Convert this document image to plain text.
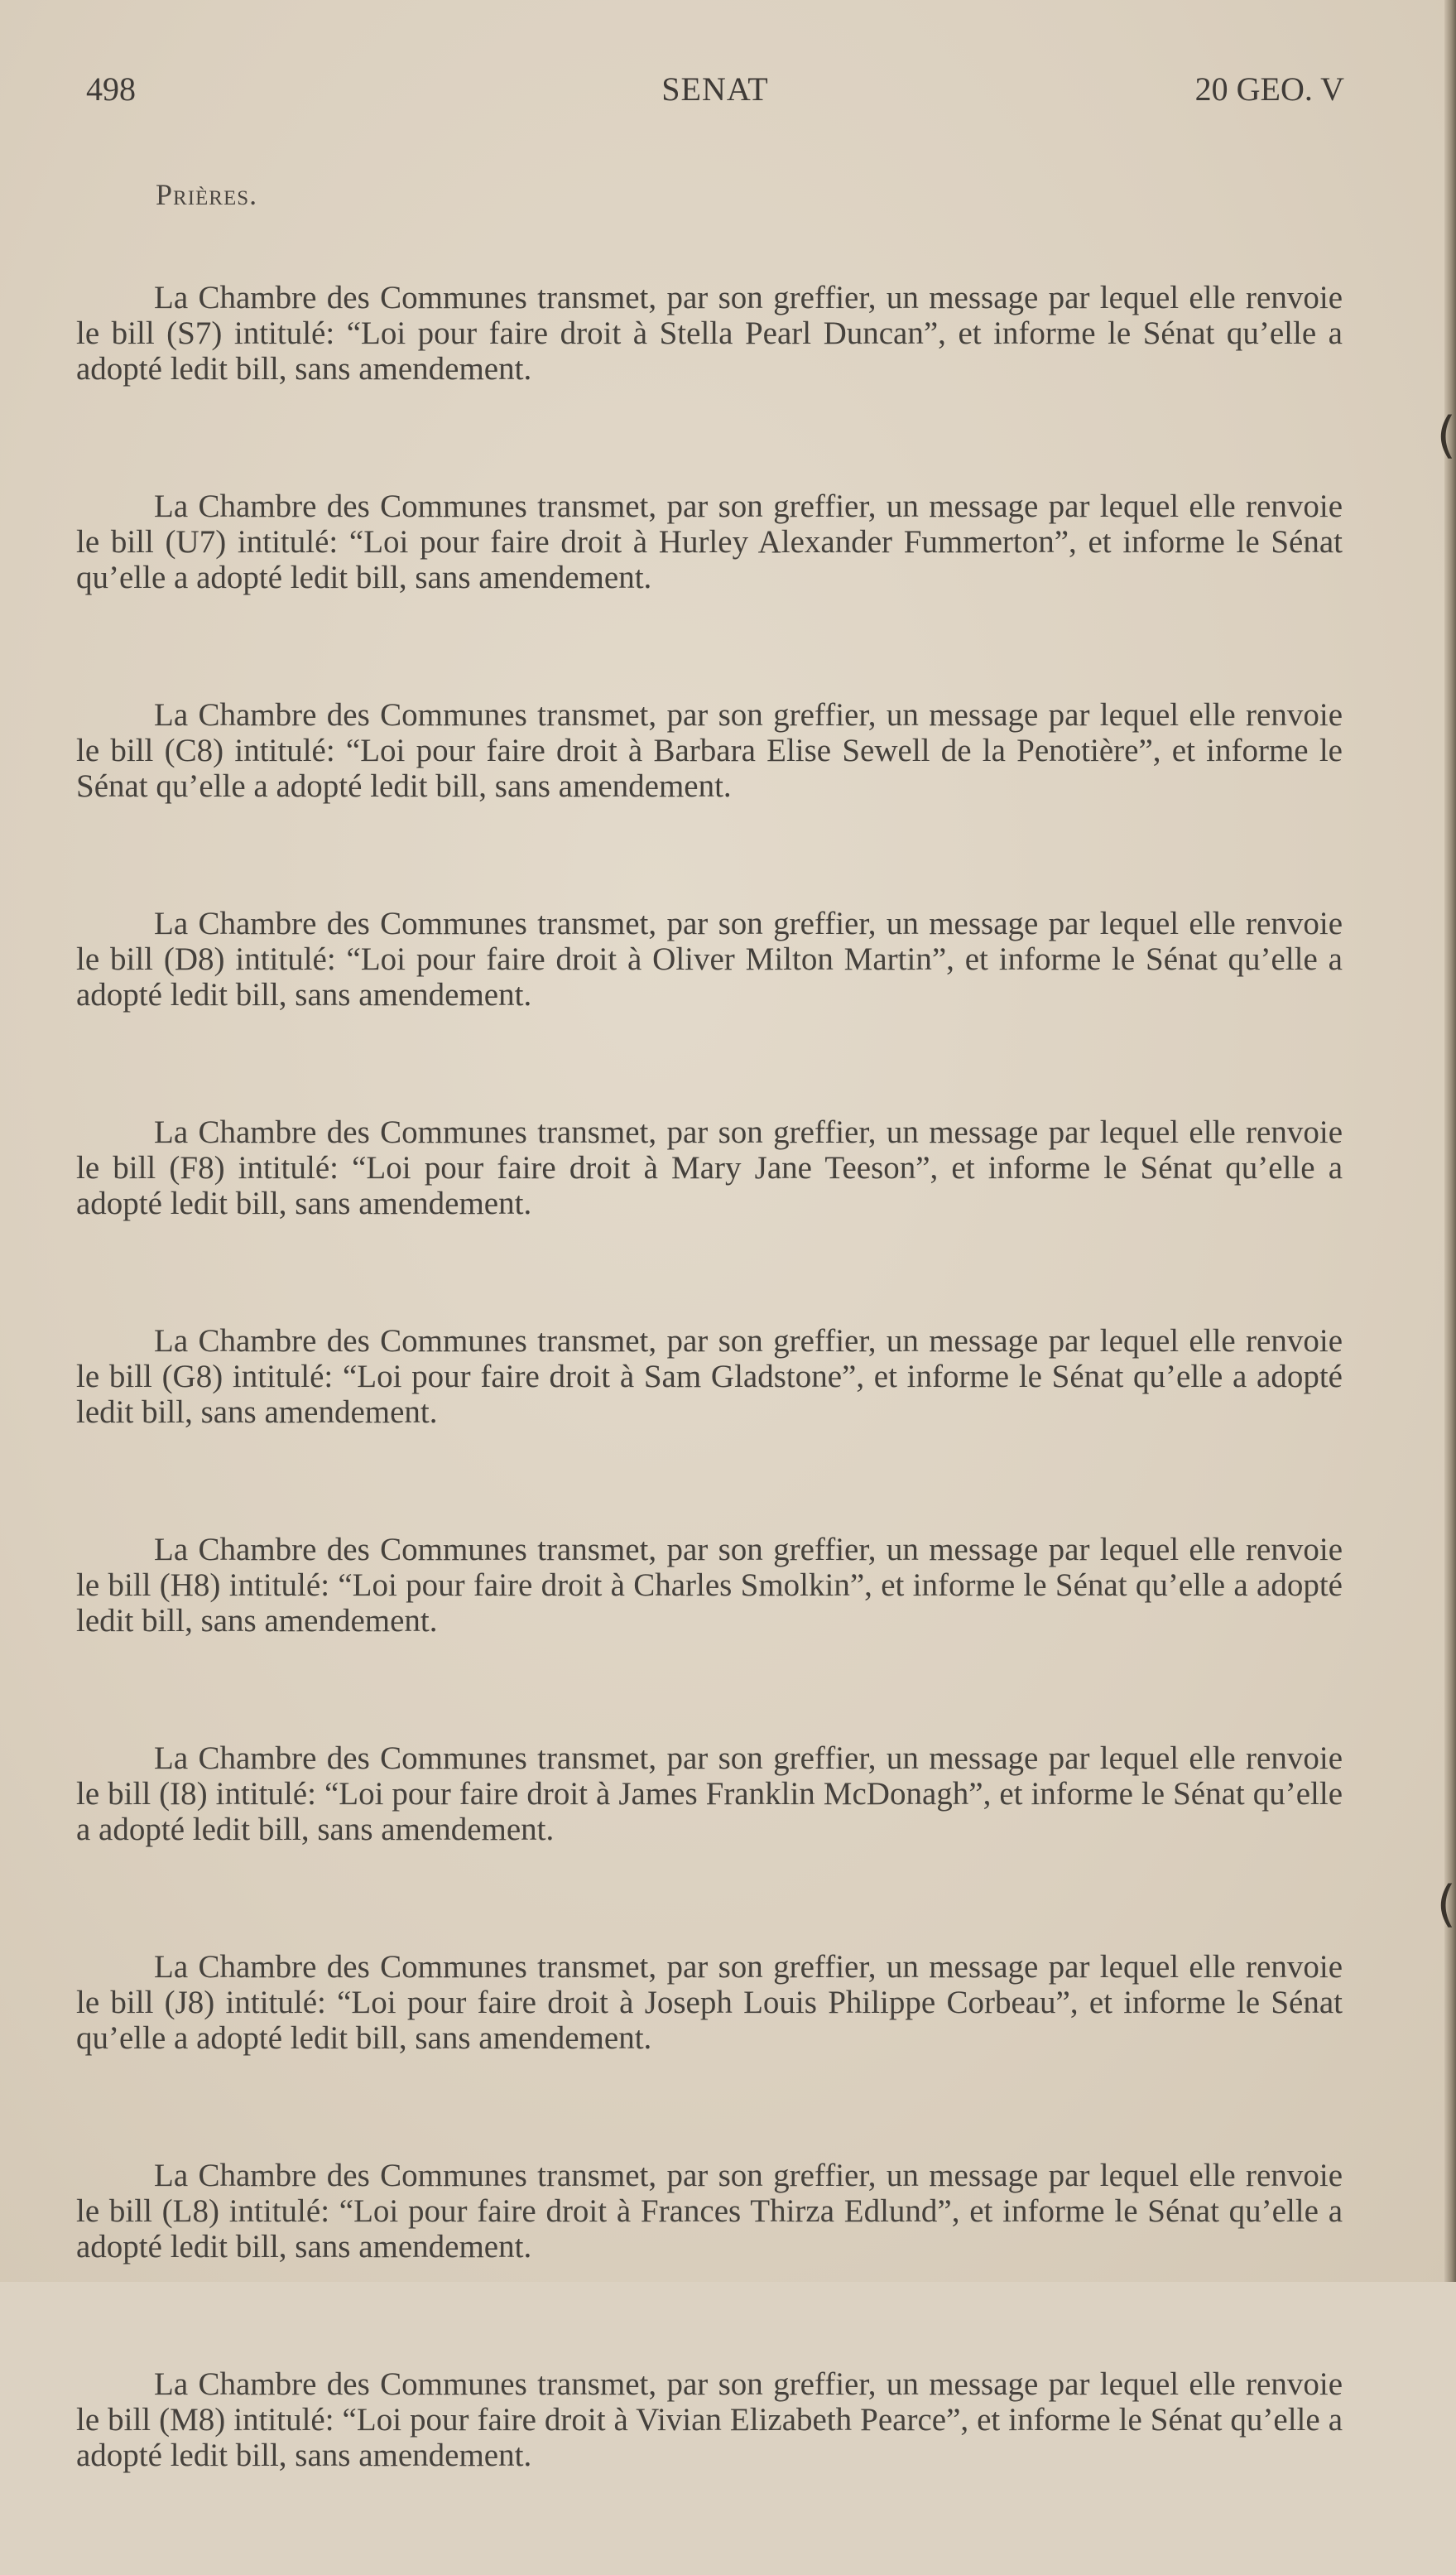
498	SENAT	20 GEO. V
Prières.

La Chambre des Communes transmet, par son greffier, un message par lequel elle renvoie le bill (S7) intitulé: “Loi pour faire droit à Stella Pearl Duncan”, et informe le Sénat qu’elle a adopté ledit bill, sans amendement.

La Chambre des Communes transmet, par son greffier, un message par lequel elle renvoie le bill (U7) intitulé: “Loi pour faire droit à Hurley Alexander Fummerton”, et informe le Sénat qu’elle a adopté ledit bill, sans amendement.

La Chambre des Communes transmet, par son greffier, un message par lequel elle renvoie le bill (C8) intitulé: “Loi pour faire droit à Barbara Elise Sewell de la Penotière”, et informe le Sénat qu’elle a adopté ledit bill, sans amendement.

La Chambre des Communes transmet, par son greffier, un message par lequel elle renvoie le bill (D8) intitulé: “Loi pour faire droit à Oliver Milton Martin”, et informe le Sénat qu’elle a adopté ledit bill, sans amendement.

La Chambre des Communes transmet, par son greffier, un message par lequel elle renvoie le bill (F8) intitulé: “Loi pour faire droit à Mary Jane Teeson”, et informe le Sénat qu’elle a adopté ledit bill, sans amendement.

La Chambre des Communes transmet, par son greffier, un message par lequel elle renvoie le bill (G8) intitulé: “Loi pour faire droit à Sam Gladstone”, et informe le Sénat qu’elle a adopté ledit bill, sans amendement.

La Chambre des Communes transmet, par son greffier, un message par lequel elle renvoie le bill (H8) intitulé: “Loi pour faire droit à Charles Smolkin”, et informe le Sénat qu’elle a adopté ledit bill, sans amendement.

La Chambre des Communes transmet, par son greffier, un message par lequel elle renvoie le bill (I8) intitulé: “Loi pour faire droit à James Franklin McDonagh”, et informe le Sénat qu’elle a adopté ledit bill, sans amendement.

La Chambre des Communes transmet, par son greffier, un message par lequel elle renvoie le bill (J8) intitulé: “Loi pour faire droit à Joseph Louis Philippe Corbeau”, et informe le Sénat qu’elle a adopté ledit bill, sans amendement.

La Chambre des Communes transmet, par son greffier, un message par lequel elle renvoie le bill (L8) intitulé: “Loi pour faire droit à Frances Thirza Edlund”, et informe le Sénat qu’elle a adopté ledit bill, sans amendement.

La Chambre des Communes transmet, par son greffier, un message par lequel elle renvoie le bill (M8) intitulé: “Loi pour faire droit à Vivian Elizabeth Pearce”, et informe le Sénat qu’elle a adopté ledit bill, sans amendement.

(
(
